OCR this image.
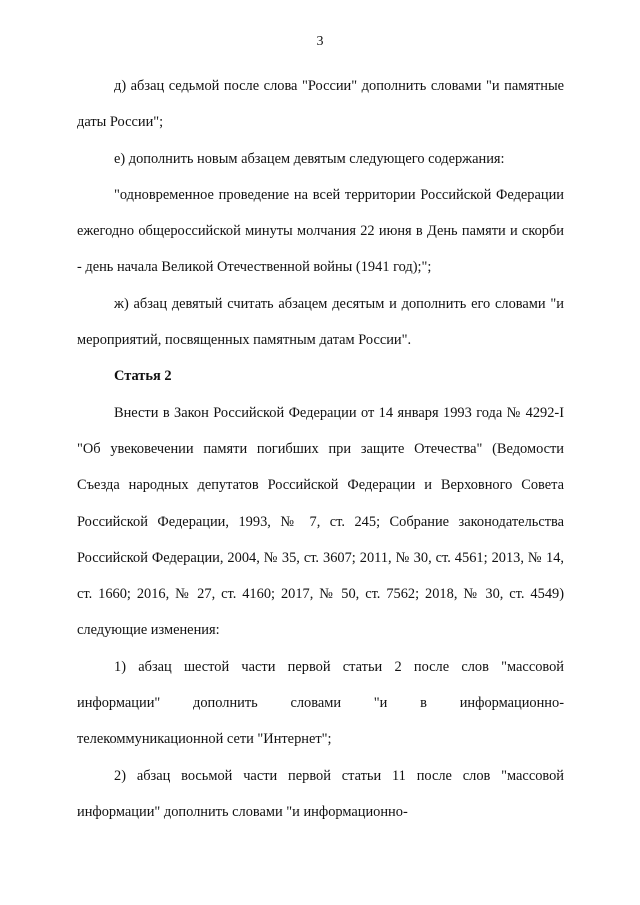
3

д) абзац седьмой после слова "России" дополнить словами "и памятные даты России";

е) дополнить новым абзацем девятым следующего содержания:

"одновременное проведение на всей территории Российской Федерации ежегодно общероссийской минуты молчания 22 июня в День памяти и скорби - день начала Великой Отечественной войны (1941 год);";

ж) абзац девятый считать абзацем десятым и дополнить его словами "и мероприятий, посвященных памятным датам России".

Статья 2

Внести в Закон Российской Федерации от 14 января 1993 года № 4292-I "Об увековечении памяти погибших при защите Отечества" (Ведомости Съезда народных депутатов Российской Федерации и Верховного Совета Российской Федерации, 1993, № 7, ст. 245; Собрание законодательства Российской Федерации, 2004, № 35, ст. 3607; 2011, № 30, ст. 4561; 2013, № 14, ст. 1660; 2016, № 27, ст. 4160; 2017, № 50, ст. 7562; 2018, № 30, ст. 4549) следующие изменения:

1) абзац шестой части первой статьи 2 после слов "массовой информации" дополнить словами "и в информационно-телекоммуникационной сети "Интернет";

2) абзац восьмой части первой статьи 11 после слов "массовой информации" дополнить словами "и информационно-
